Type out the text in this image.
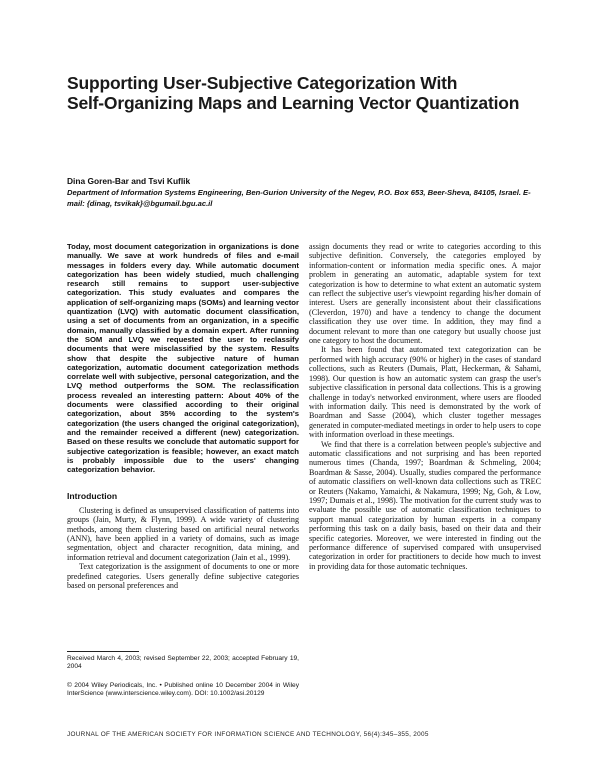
Supporting User-Subjective Categorization With
Self-Organizing Maps and Learning Vector Quantization
Dina Goren-Bar and Tsvi Kuflik
Department of Information Systems Engineering, Ben-Gurion University of the Negev, P.O. Box 653, Beer-Sheva, 84105, Israel. E-mail: {dinag, tsvikak}@bgumail.bgu.ac.il

Today, most document categorization in organizations is done manually. We save at work hundreds of files and e-mail messages in folders every day. While automatic document categorization has been widely studied, much challenging research still remains to support user-subjective categorization. This study evaluates and compares the application of self-organizing maps (SOMs) and learning vector quantization (LVQ) with automatic document classification, using a set of documents from an organization, in a specific domain, manually classified by a domain expert. After running the SOM and LVQ we requested the user to reclassify documents that were misclassified by the system. Results show that despite the subjective nature of human categorization, automatic document categorization methods correlate well with subjective, personal categorization, and the LVQ method outperforms the SOM. The reclassification process revealed an interesting pattern: About 40% of the documents were classified according to their original categorization, about 35% according to the system's categorization (the users changed the original categorization), and the remainder received a different (new) categorization. Based on these results we conclude that automatic support for subjective categorization is feasible; however, an exact match is probably impossible due to the users' changing categorization behavior.

Introduction

Clustering is defined as unsupervised classification of patterns into groups (Jain, Murty, & Flynn, 1999). A wide variety of clustering methods, among them clustering based on artificial neural networks (ANN), have been applied in a variety of domains, such as image segmentation, object and character recognition, data mining, and information retrieval and document categorization (Jain et al., 1999).

Text categorization is the assignment of documents to one or more predefined categories. Users generally define subjective categories based on personal preferences and

assign documents they read or write to categories according to this subjective definition. Conversely, the categories employed by information-content or information media specific ones. A major problem in generating an automatic, adaptable system for text categorization is how to determine to what extent an automatic system can reflect the subjective user's viewpoint regarding his/her domain of interest. Users are generally inconsistent about their classifications (Cleverdon, 1970) and have a tendency to change the document classification they use over time. In addition, they may find a document relevant to more than one category but usually choose just one category to host the document.

It has been found that automated text categorization can be performed with high accuracy (90% or higher) in the cases of standard collections, such as Reuters (Dumais, Platt, Heckerman, & Sahami, 1998). Our question is how an automatic system can grasp the user's subjective classification in personal data collections. This is a growing challenge in today's networked environment, where users are flooded with information daily. This need is demonstrated by the work of Boardman and Sasse (2004), which cluster together messages generated in computer-mediated meetings in order to help users to cope with information overload in these meetings.

We find that there is a correlation between people's subjective and automatic classifications and not surprising and has been reported numerous times (Chanda, 1997; Boardman & Schmeling, 2004; Boardman & Sasse, 2004). Usually, studies compared the performance of automatic classifiers on well-known data collections such as TREC or Reuters (Nakamo, Yamaichi, & Nakamura, 1999; Ng, Goh, & Low, 1997; Dumais et al., 1998). The motivation for the current study was to evaluate the possible use of automatic classification techniques to support manual categorization by human experts in a company performing this task on a daily basis, based on their data and their specific categories. Moreover, we were interested in finding out the performance difference of supervised compared with unsupervised categorization in order for practitioners to decide how much to invest in providing data for those automatic techniques.

Received March 4, 2003; revised September 22, 2003; accepted February 19, 2004
© 2004 Wiley Periodicals, Inc. • Published online 10 December 2004 in Wiley InterScience (www.interscience.wiley.com). DOI: 10.1002/asi.20129
JOURNAL OF THE AMERICAN SOCIETY FOR INFORMATION SCIENCE AND TECHNOLOGY, 56(4):345–355, 2005
